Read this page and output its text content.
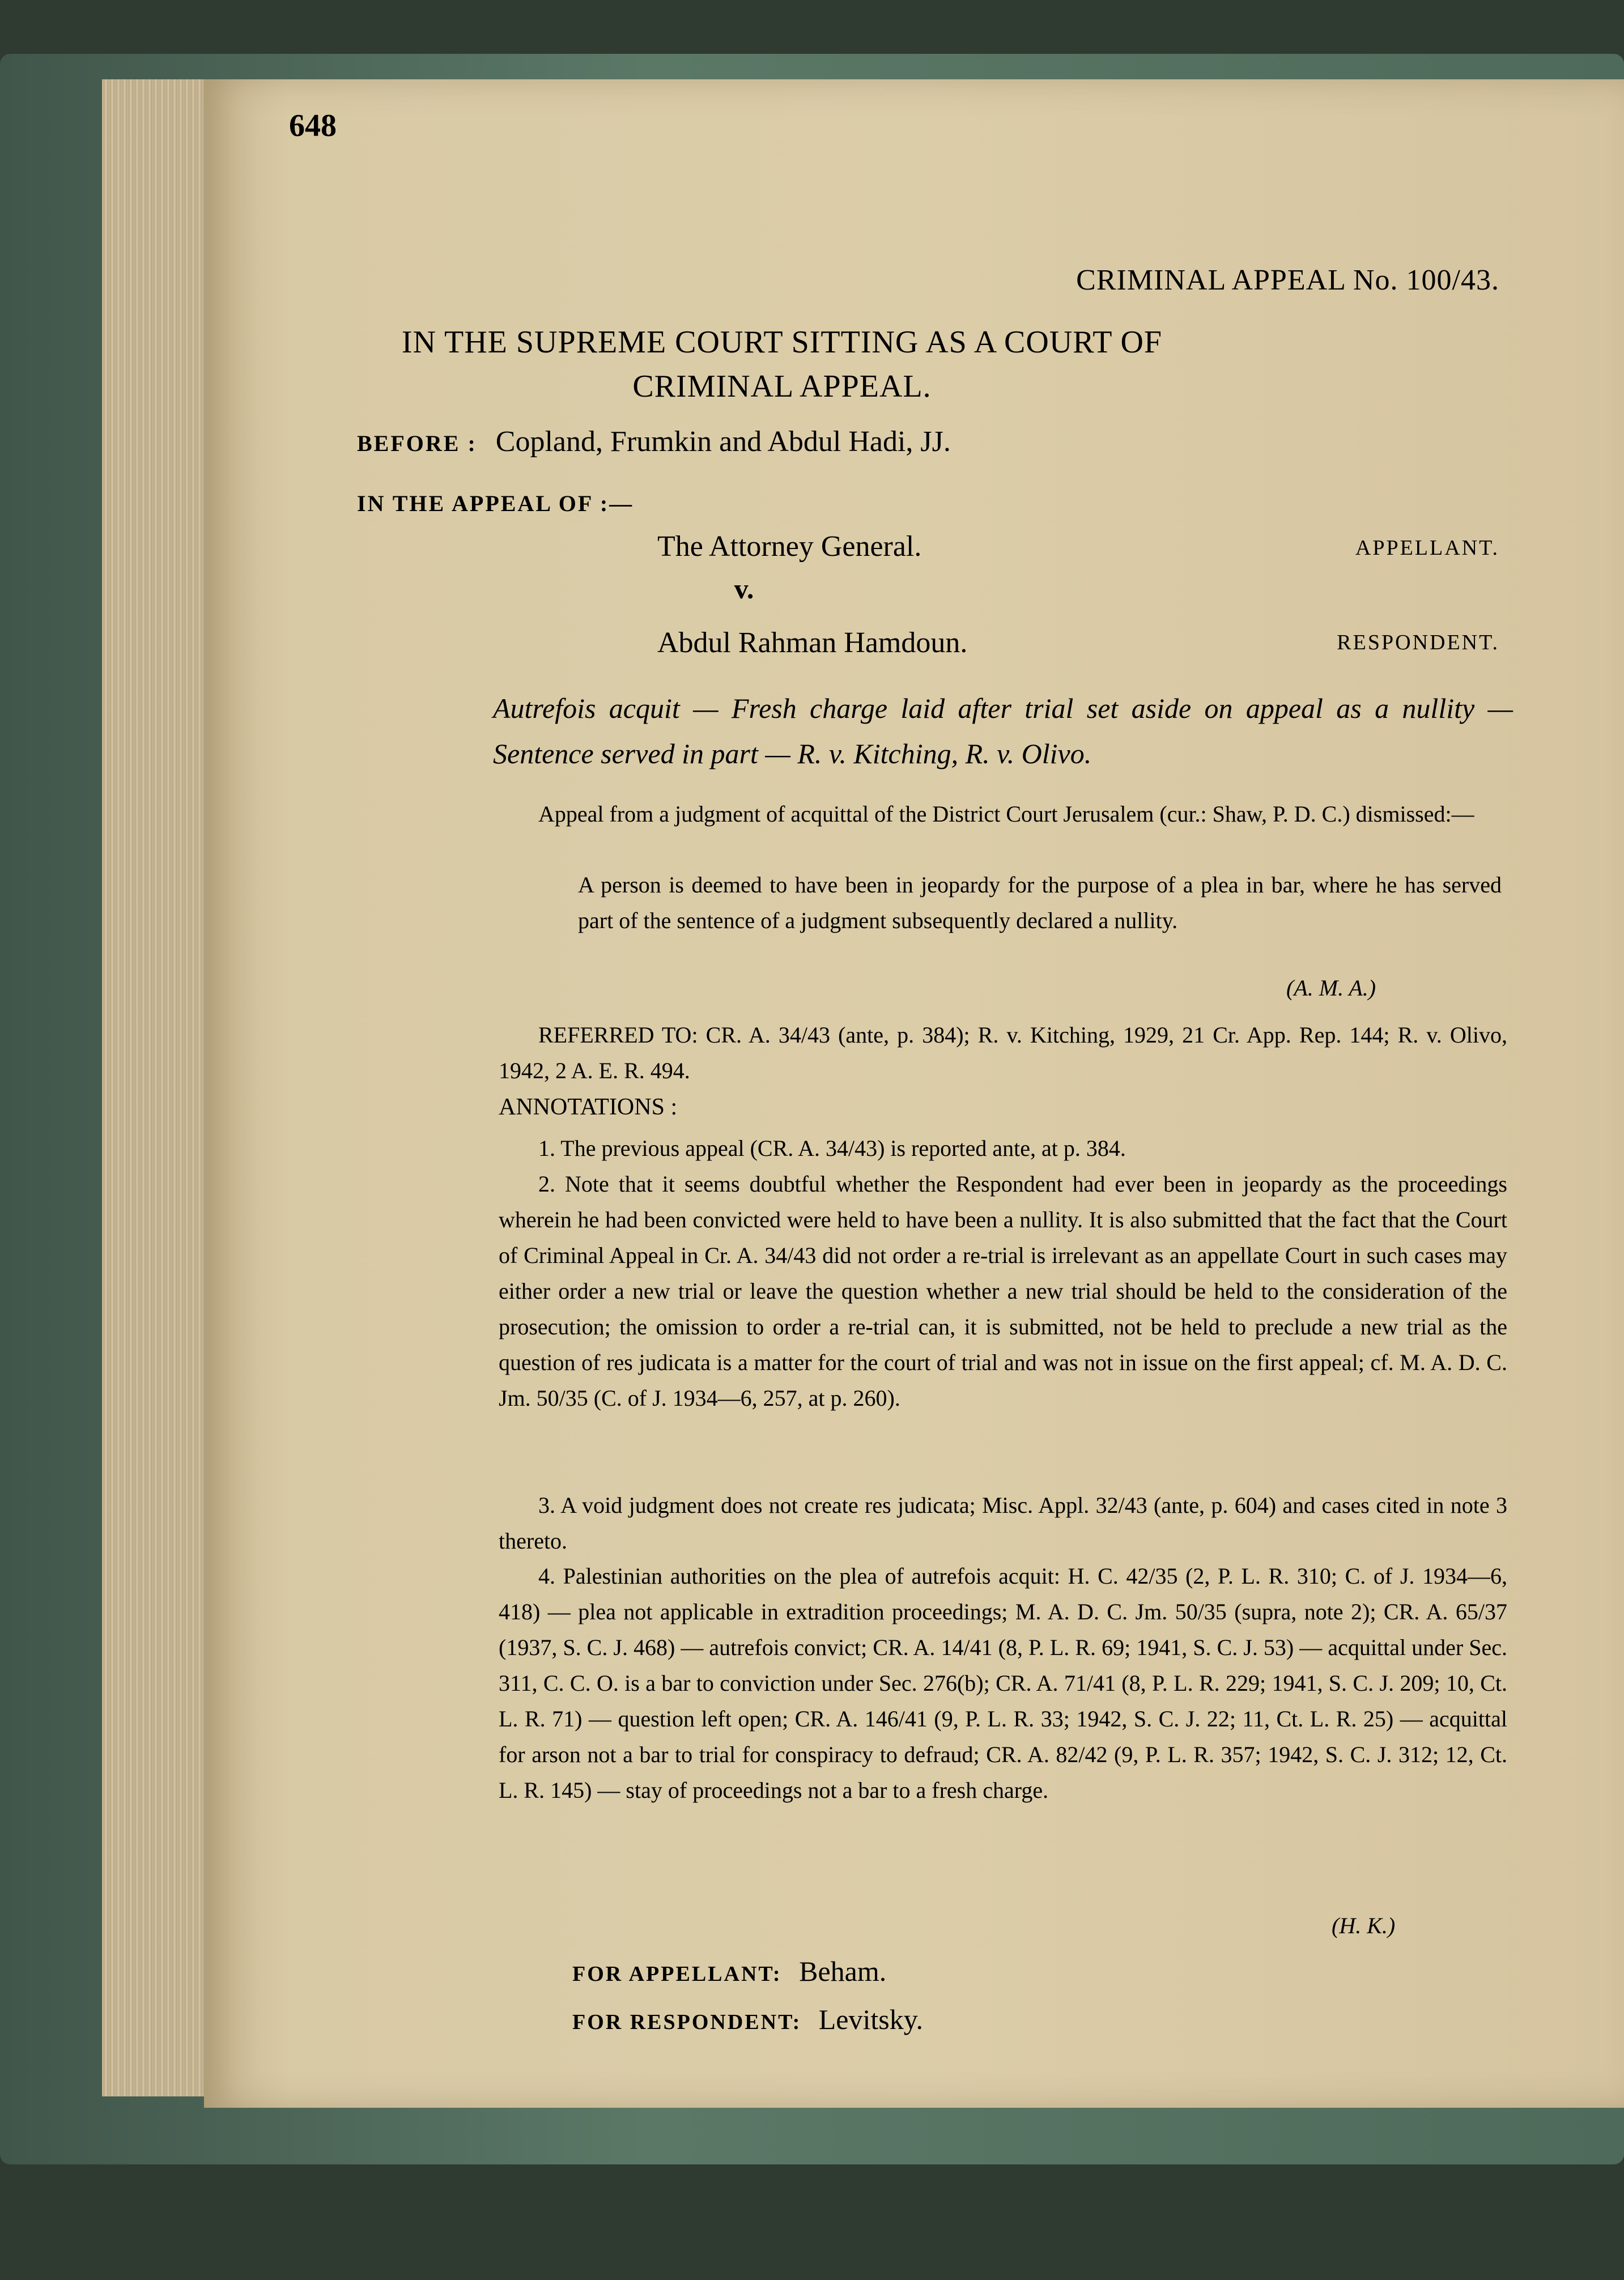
648
CRIMINAL APPEAL No. 100/43.
IN THE SUPREME COURT SITTING AS A COURT OF CRIMINAL APPEAL.
BEFORE : Copland, Frumkin and Abdul Hadi, JJ.
IN THE APPEAL OF :—
The Attorney General.	APPELLANT.
v.
Abdul Rahman Hamdoun.	RESPONDENT.
Autrefois acquit — Fresh charge laid after trial set aside on appeal as a nullity — Sentence served in part — R. v. Kitching, R. v. Olivo.
Appeal from a judgment of acquittal of the District Court Jerusalem (cur.: Shaw, P. D. C.) dismissed:—
A person is deemed to have been in jeopardy for the purpose of a plea in bar, where he has served part of the sentence of a judgment subsequently declared a nullity.
(A. M. A.)
REFERRED TO: CR. A. 34/43 (ante, p. 384); R. v. Kitching, 1929, 21 Cr. App. Rep. 144; R. v. Olivo, 1942, 2 A. E. R. 494.
ANNOTATIONS :
1. The previous appeal (CR. A. 34/43) is reported ante, at p. 384.
2. Note that it seems doubtful whether the Respondent had ever been in jeopardy as the proceedings wherein he had been convicted were held to have been a nullity. It is also submitted that the fact that the Court of Criminal Appeal in Cr. A. 34/43 did not order a re-trial is irrelevant as an appellate Court in such cases may either order a new trial or leave the question whether a new trial should be held to the consideration of the prosecution; the omission to order a re-trial can, it is submitted, not be held to preclude a new trial as the question of res judicata is a matter for the court of trial and was not in issue on the first appeal; cf. M. A. D. C. Jm. 50/35 (C. of J. 1934—6, 257, at p. 260).
3. A void judgment does not create res judicata; Misc. Appl. 32/43 (ante, p. 604) and cases cited in note 3 thereto.
4. Palestinian authorities on the plea of autrefois acquit: H. C. 42/35 (2, P. L. R. 310; C. of J. 1934—6, 418) — plea not applicable in extradition proceedings; M. A. D. C. Jm. 50/35 (supra, note 2); CR. A. 65/37 (1937, S. C. J. 468) — autrefois convict; CR. A. 14/41 (8, P. L. R. 69; 1941, S. C. J. 53) — acquittal under Sec. 311, C. C. O. is a bar to conviction under Sec. 276(b); CR. A. 71/41 (8, P. L. R. 229; 1941, S. C. J. 209; 10, Ct. L. R. 71) — question left open; CR. A. 146/41 (9, P. L. R. 33; 1942, S. C. J. 22; 11, Ct. L. R. 25) — acquittal for arson not a bar to trial for conspiracy to defraud; CR. A. 82/42 (9, P. L. R. 357; 1942, S. C. J. 312; 12, Ct. L. R. 145) — stay of proceedings not a bar to a fresh charge.
(H. K.)
FOR APPELLANT: Beham.
FOR RESPONDENT: Levitsky.
